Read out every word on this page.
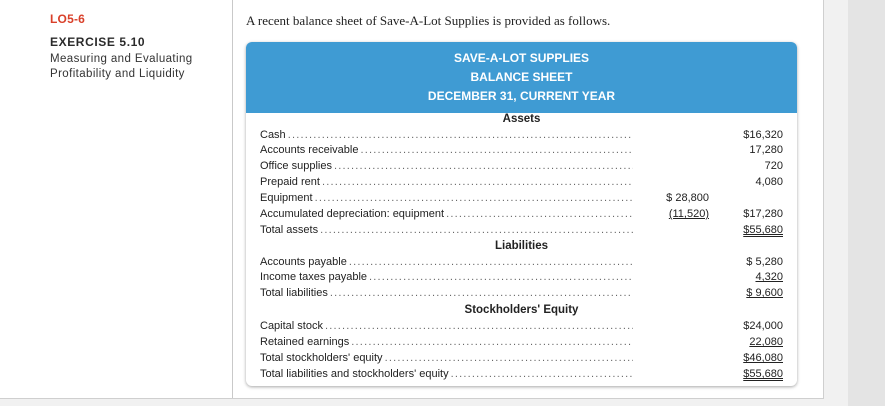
LO5-6
EXERCISE 5.10
Measuring and Evaluating
Profitability and Liquidity
A recent balance sheet of Save-A-Lot Supplies is provided as follows.
SAVE-A-LOT SUPPLIES
BALANCE SHEET
DECEMBER 31, CURRENT YEAR
Assets
Cash .....	$16,320
Accounts receivable .....	17,280
Office supplies .....	720
Prepaid rent .....	4,080
Equipment .....	$ 28,800
Accumulated depreciation: equipment .....	(11,520)	$17,280
Total assets .....	$55,680
Liabilities
Accounts payable .....	$ 5,280
Income taxes payable .....	4,320
Total liabilities .....	$ 9,600
Stockholders' Equity
Capital stock .....	$24,000
Retained earnings .....	22,080
Total stockholders' equity .....	$46,080
Total liabilities and stockholders' equity .....	$55,680
